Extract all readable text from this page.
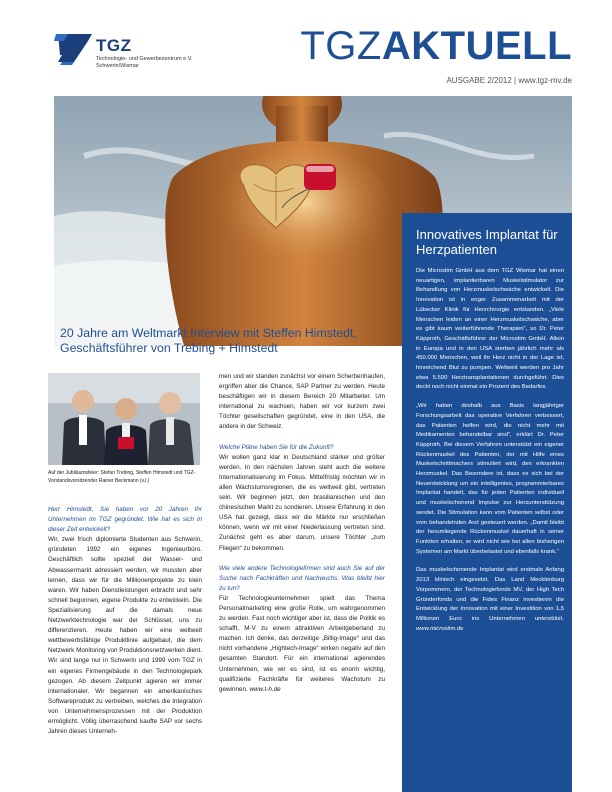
TGZ
Technologie- und Gewerbezentrum e.V.
Schwerin/Wismar	TGZAKTUELL
AUSGABE 2/2012 | www.tgz-mv.de
Innovatives Implantat für Herzpatienten

Die Microstim GmbH aus dem TGZ Wismar hat einen neuartigen, implantierbaren Muskelstimulator zur Behandlung von Herzmuskelschwäche entwickelt. Die Innovation ist in enger Zusammenarbeit mit der Lübecker Klinik für Herzchirurgie entstanden. „Viele Menschen leiden an einer Herzmuskelschwäche, aber es gibt kaum weiterführende Therapien“, so Dr. Peter Käpproth, Geschäftsführer der Microstim GmbH. Allein in Europa und in den USA sterben jährlich mehr als 450.000 Menschen, weil ihr Herz nicht in der Lage ist, hinreichend Blut zu pumpen. Weltweit werden pro Jahr etwa 5.500 Herztransplantationen durchgeführt. Dies deckt noch nicht einmal ein Prozent des Bedarfes.

„Wir haben deshalb aus Basis langjähriger Forschungsarbeit das operative Verfahren verbessert, das Patienten helfen wird, die nicht mehr mit Medikamenten behandelbar sind“, erklärt Dr. Peter Käpproth. Bei diesem Verfahren unterstützt ein eigener Rückenmuskel des Patienten, der mit Hilfe eines Muskelschrittmachers stimuliert wird, den erkrankten Herzmuskel. Das Besondere ist, dass es sich bei der Neuentwicklung um ein intelligentes, programmierbares Implantat handelt, das für jeden Patienten individuell und muskelschonend Impulse zur Herzunterstützung sendet. Die Stimulation kann vom Patienten selbst oder vom behandelnden Arzt gesteuert werden. „Damit bleibt der herumliegende Rückenmuskel dauerhaft in seiner Funktion erhalten, er wird nicht wie bei allen bisherigen Systemen am Markt überbelastet und ebenfalls krank.“

Das muskelschonende Implantat wird erstmals Anfang 2013 klinisch eingesetzt. Das Land Mecklenburg Vorpommern, der Technologiefonds MV, der High Tech Gründerfonds und die Fides Finanz investieren die Entwicklung der Innovation mit einer Investition von 1,5 Millionen Euro ins Unternehmen unterstützt. www.microstim.de

20 Jahre am Weltmarkt Interview mit Steffen Himstedt, Geschäftsführer von Trebing + Himstedt
Auf der Jubiläumsfeier: Stefan Trebing, Steffen Himstedt und TGZ-Vorstandsvorsitzender Rainer Beckmann (v.l.)

Herr Himstedt, Sie haben vor 20 Jahren Ihr Unternehmen im TGZ gegründet. Wie hat es sich in dieser Zeit entwickelt?

Wir, zwei frisch diplomierte Studenten aus Schwerin, gründeten 1992 ein eigenes Ingenieurbüro. Geschäftlich sollte speziell der Wasser- und Abwassermarkt adressiert werden, wir mussten aber lernen, dass wir für die Millionenprojekte zu klein waren. Wir haben Dienstleistungen erbracht und sehr schnell begonnen, eigene Produkte zu entwickeln. Die Spezialisierung auf die damals neue Netzwerktechnologie war der Schlüssel, uns zu differenzieren. Heute haben wir eine weltweit wettbewerbsfähige Produktlinie aufgebaut, die dem Netzwerk Monitoring von Produktionsnetzwerken dient. Wir sind lange nur in Schwerin und 1999 vom TGZ in ein eigenes Firmengebäude in den Technologiepark gezogen. Ab diesem Zeitpunkt agieren wir immer internationaler. Wir begannen ein amerikanisches Softwareprodukt zu vertreiben, welches die Integration von Unternehmensprozessen mit der Produktion ermöglicht. Völlig überraschend kaufte SAP vor sechs Jahren dieses Unterneh-

men und wir standen zunächst vor einem Scherbenhaufen, ergriffen aber die Chance, SAP Partner zu werden. Heute beschäftigen wir in diesem Bereich 20 Mitarbeiter. Um international zu wachsen, haben wir vor kurzem zwei Töchter gesellschaften gegründet, eine in den USA, die andere in der Schweiz.

Welche Pläne haben Sie für die Zukunft?

Wir wollen ganz klar in Deutschland stärker und größer werden. In den nächsten Jahren steht auch die weitere Internationalisierung im Fokus. Mittelfristig möchten wir in allen Wachstumsregionen, die es weltweit gibt, vertreten sein. Wir beginnen jetzt, den brasilianischen und den chinesischen Markt zu sondieren. Unsere Erfahrung in den USA hat gezeigt, dass wir die Märkte nur erschließen können, wenn wir mit einer Niederlassung vertreten sind. Zunächst geht es aber darum, unsere Töchter „zum Fliegen“ zu bekommen.

Wie viele andere Technologiefirmen sind auch Sie auf der Suche nach Fachkräften und Nachwuchs. Was bleibt hier zu tun?

Für Technologieunternehmen spielt das Thema Personalmarketing eine große Rolle, um wahrgenommen zu werden. Fast noch wichtiger aber ist, dass die Politik es schafft, M-V zu einem attraktiven Arbeitgeberland zu machen. Ich denke, das derzeitige „Billig-Image“ und das nicht vorhandene „Hightech-Image“ wirken negativ auf den gesamten Standort. Für ein international agierendes Unternehmen, wie wir es sind, ist es enorm wichtig, qualifizierte Fachkräfte für weiteres Wachstum zu gewinnen. www.t-h.de
